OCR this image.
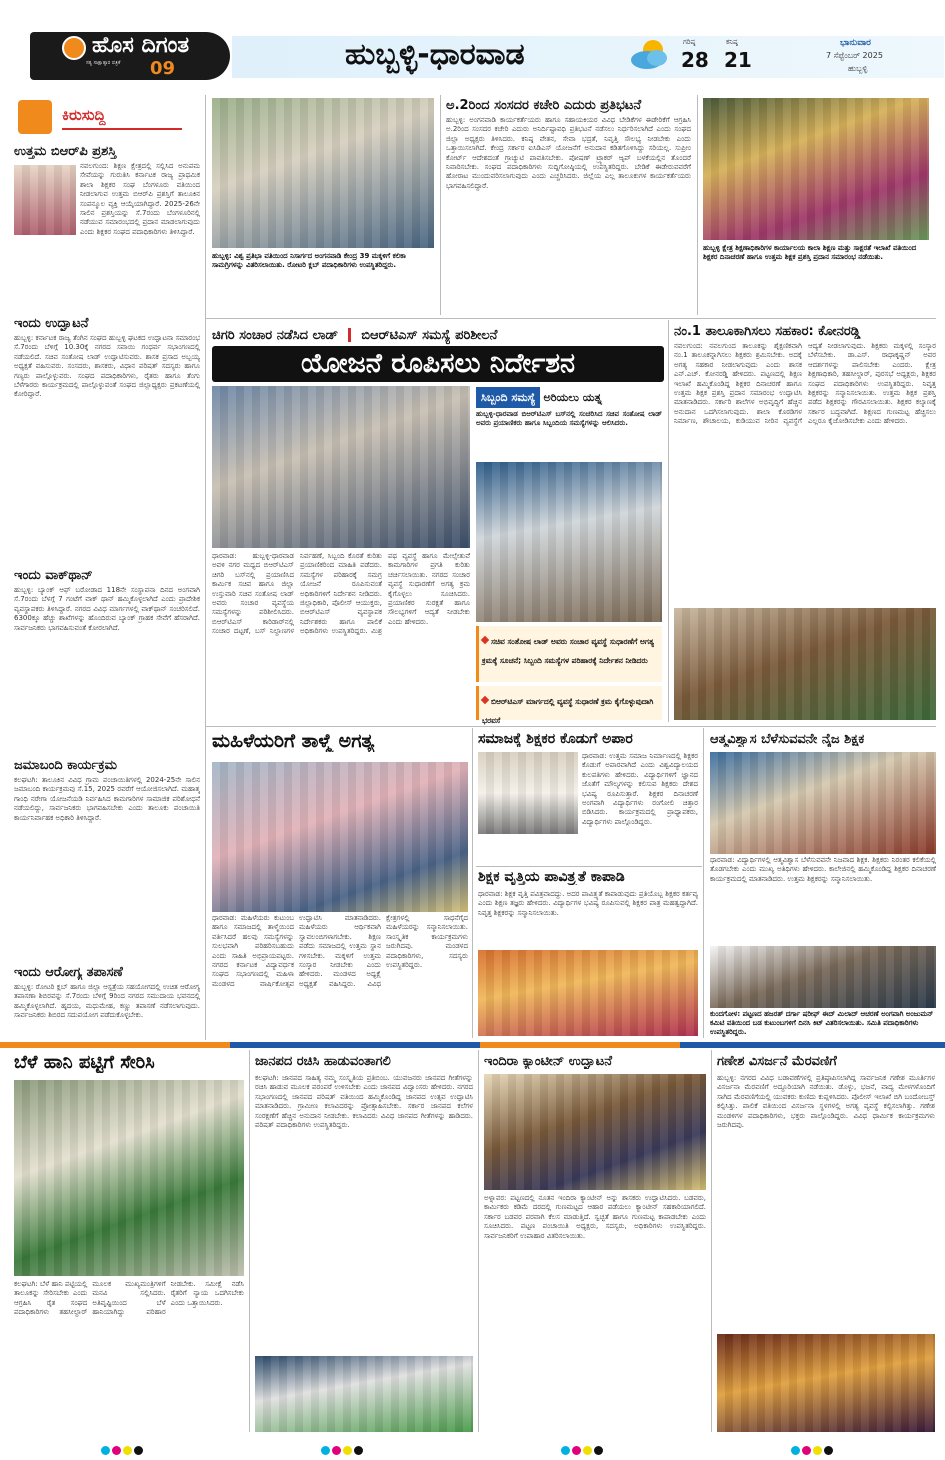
ಹೊಸ ದಿಗಂತ
ಸತ್ಯ ಸಾಕ್ಷಾತ್ಕಾರ ಪತ್ರಿಕೆ	09	ಹುಬ್ಬಳ್ಳಿ-ಧಾರವಾಡ	ಗರಿಷ್ಠ
28
ಕನಿಷ್ಠ
21
ಭಾನುವಾರ
7 ಸೆಪ್ಟೆಂಬರ್ 2025
ಹುಬ್ಬಳ್ಳಿ
ಕಿರುಸುದ್ದಿ
ಉತ್ತಮ ಬಿಆರ್‌ಪಿ ಪ್ರಶಸ್ತಿ
ನವಲಗುಂದ: ಶಿಕ್ಷಣ ಕ್ಷೇತ್ರದಲ್ಲಿ ಸಲ್ಲಿಸಿದ ಅನುಪಮ ಸೇವೆಯನ್ನು ಗುರುತಿಸಿ ಕರ್ನಾಟಕ ರಾಜ್ಯ ಪ್ರಾಥಮಿಕ ಶಾಲಾ ಶಿಕ್ಷಕರ ಸಂಘ ಬೆಂಗಳೂರು ವತಿಯಿಂದ ನೀಡಲಾಗುವ ಉತ್ತಮ ಬಿಆರ್‌ಪಿ ಪ್ರಶಸ್ತಿಗೆ ತಾಲೂಕಿನ ಸಂಪನ್ಮೂಲ ವ್ಯಕ್ತಿ ಆಯ್ಕೆಯಾಗಿದ್ದಾರೆ. 2025-26ನೇ ಸಾಲಿನ ಪ್ರಶಸ್ತಿಯನ್ನು ಸೆ.7ರಂದು ಬೆಂಗಳೂರಿನಲ್ಲಿ ನಡೆಯುವ ಸಮಾರಂಭದಲ್ಲಿ ಪ್ರದಾನ ಮಾಡಲಾಗುವುದು ಎಂದು ಶಿಕ್ಷಕರ ಸಂಘದ ಪದಾಧಿಕಾರಿಗಳು ತಿಳಿಸಿದ್ದಾರೆ.
ಇಂದು ಉದ್ಘಾಟನೆ
ಹುಬ್ಬಳ್ಳಿ: ಕರ್ನಾಟಕ ರಾಜ್ಯ ತೆಂಗಿನ ಸಂಘದ ಹುಬ್ಬಳ್ಳಿ ಘಟಕದ ಉದ್ಘಾಟನಾ ಸಮಾರಂಭ ಸೆ.7ರಂದು ಬೆಳಿಗ್ಗೆ 10.30ಕ್ಕೆ ನಗರದ ಸವಾಯಿ ಗಂಧರ್ವ ಸಭಾಂಗಣದಲ್ಲಿ ನಡೆಯಲಿದೆ. ಸಚಿವ ಸಂತೋಷ ಲಾಡ್ ಉದ್ಘಾಟಿಸುವರು. ಶಾಸಕ ಪ್ರಸಾದ ಅಬ್ಬಯ್ಯ ಅಧ್ಯಕ್ಷತೆ ವಹಿಸುವರು. ಸಂಸದರು, ಶಾಸಕರು, ವಿಧಾನ ಪರಿಷತ್ ಸದಸ್ಯರು ಹಾಗೂ ಗಣ್ಯರು ಪಾಲ್ಗೊಳ್ಳುವರು. ಸಂಘದ ಪದಾಧಿಕಾರಿಗಳು, ರೈತರು ಹಾಗೂ ತೆಂಗು ಬೆಳೆಗಾರರು ಕಾರ್ಯಕ್ರಮದಲ್ಲಿ ಪಾಲ್ಗೊಳ್ಳುವಂತೆ ಸಂಘದ ಜಿಲ್ಲಾಧ್ಯಕ್ಷರು ಪ್ರಕಟಣೆಯಲ್ಲಿ ಕೋರಿದ್ದಾರೆ.
ಇಂದು ವಾಕ್‌ಥಾನ್
ಹುಬ್ಬಳ್ಳಿ: ಬ್ಯಾಂಕ್ ಆಫ್ ಬರೋಡಾದ 118ನೇ ಸಂಸ್ಥಾಪನಾ ದಿನದ ಅಂಗವಾಗಿ ಸೆ.7ರಂದು ಬೆಳಗ್ಗೆ 7 ಗಂಟೆಗೆ ವಾಕ್ ಥಾನ್ ಹಮ್ಮಿಕೊಳ್ಳಲಾಗಿದೆ ಎಂದು ಪ್ರಾದೇಶಿಕ ವ್ಯವಸ್ಥಾಪಕರು ತಿಳಿಸಿದ್ದಾರೆ. ನಗರದ ವಿವಿಧ ಮಾರ್ಗಗಳಲ್ಲಿ ವಾಕ್‌ಥಾನ್ ಸಂಚರಿಸಲಿದೆ. 6300ಕ್ಕೂ ಹೆಚ್ಚು ಶಾಖೆಗಳನ್ನು ಹೊಂದಿರುವ ಬ್ಯಾಂಕ್ ಗ್ರಾಹಕ ಸೇವೆಗೆ ಹೆಸರಾಗಿದೆ. ಸಾರ್ವಜನಿಕರು ಭಾಗವಹಿಸುವಂತೆ ಕೋರಲಾಗಿದೆ.
ಜಮಾಬಂದಿ ಕಾರ್ಯಕ್ರಮ
ಕಲಘಟಗಿ: ತಾಲೂಕಿನ ವಿವಿಧ ಗ್ರಾಮ ಪಂಚಾಯಿತಿಗಳಲ್ಲಿ 2024-25ನೇ ಸಾಲಿನ ಜಮಾಬಂದಿ ಕಾರ್ಯಕ್ರಮವು ಸೆ.15, 2025 ರವರೆಗೆ ಆಯೋಜಿಸಲಾಗಿದೆ. ಮಹಾತ್ಮ ಗಾಂಧಿ ನರೇಗಾ ಯೋಜನೆಯಡಿ ನಿರ್ವಹಿಸಿದ ಕಾಮಗಾರಿಗಳ ಸಾಮಾಜಿಕ ಪರಿಶೋಧನೆ ನಡೆಯಲಿದ್ದು, ಸಾರ್ವಜನಿಕರು ಭಾಗವಹಿಸಬೇಕು ಎಂದು ತಾಲೂಕು ಪಂಚಾಯಿತಿ ಕಾರ್ಯನಿರ್ವಾಹಕ ಅಧಿಕಾರಿ ತಿಳಿಸಿದ್ದಾರೆ.
ಇಂದು ಆರೋಗ್ಯ ತಪಾಸಣೆ
ಹುಬ್ಬಳ್ಳಿ: ರೋಟರಿ ಕ್ಲಬ್ ಹಾಗೂ ಜಿಲ್ಲಾ ಆಸ್ಪತ್ರೆಯ ಸಹಯೋಗದಲ್ಲಿ ಉಚಿತ ಆರೋಗ್ಯ ತಪಾಸಣಾ ಶಿಬಿರವನ್ನು ಸೆ.7ರಂದು ಬೆಳಿಗ್ಗೆ 9ರಿಂದ ನಗರದ ಸಮುದಾಯ ಭವನದಲ್ಲಿ ಹಮ್ಮಿಕೊಳ್ಳಲಾಗಿದೆ. ಹೃದಯ, ಮಧುಮೇಹ, ಕಣ್ಣು ತಪಾಸಣೆ ನಡೆಸಲಾಗುವುದು. ಸಾರ್ವಜನಿಕರು ಶಿಬಿರದ ಸದುಪಯೋಗ ಪಡೆದುಕೊಳ್ಳಬೇಕು.
ಹುಬ್ಬಳ್ಳಿ: ವಿಶ್ವ ಪ್ರತಿಭಾ ವತಿಯಿಂದ ನಿಸಾರ್ಗದ ಅಂಗನವಾಡಿ ಕೇಂದ್ರ 39 ಮಕ್ಕಳಿಗೆ ಕಲಿಕಾ ಸಾಮಗ್ರಿಗಳನ್ನು ವಿತರಿಸಲಾಯಿತು. ರೋಟರಿ ಕ್ಲಬ್ ಪದಾಧಿಕಾರಿಗಳು ಉಪಸ್ಥಿತರಿದ್ದರು.
ಅ.2ರಿಂದ ಸಂಸದರ ಕಚೇರಿ ಎದುರು ಪ್ರತಿಭಟನೆ
ಹುಬ್ಬಳ್ಳಿ: ಅಂಗನವಾಡಿ ಕಾರ್ಯಕರ್ತೆಯರು ಹಾಗೂ ಸಹಾಯಕಿಯರ ವಿವಿಧ ಬೇಡಿಕೆಗಳ ಈಡೇರಿಕೆಗೆ ಆಗ್ರಹಿಸಿ ಅ.2ರಿಂದ ಸಂಸದರ ಕಚೇರಿ ಎದುರು ಅನಿರ್ದಿಷ್ಟಾವಧಿ ಪ್ರತಿಭಟನೆ ನಡೆಸಲು ನಿರ್ಧರಿಸಲಾಗಿದೆ ಎಂದು ಸಂಘದ ಜಿಲ್ಲಾ ಅಧ್ಯಕ್ಷರು ತಿಳಿಸಿದರು. ಕನಿಷ್ಠ ವೇತನ, ಸೇವಾ ಭದ್ರತೆ, ನಿವೃತ್ತಿ ಸೌಲಭ್ಯ ನೀಡಬೇಕು ಎಂದು ಒತ್ತಾಯಿಸಲಾಗಿದೆ. ಕೇಂದ್ರ ಸರ್ಕಾರ ಐಸಿಡಿಎಸ್ ಯೋಜನೆಗೆ ಅನುದಾನ ಕಡಿತಗೊಳಿಸಿದ್ದು ಸರಿಯಲ್ಲ. ಸುಪ್ರೀಂ ಕೋರ್ಟ್ ಆದೇಶದಂತೆ ಗ್ರಾಚ್ಯುಟಿ ಪಾವತಿಸಬೇಕು. ಪೋಷಣ್ ಟ್ರ್ಯಾಕರ್ ಆ್ಯಪ್ ಬಳಕೆಯಲ್ಲಿನ ತೊಂದರೆ ನಿವಾರಿಸಬೇಕು. ಸಂಘದ ಪದಾಧಿಕಾರಿಗಳು ಸುದ್ದಿಗೋಷ್ಠಿಯಲ್ಲಿ ಉಪಸ್ಥಿತರಿದ್ದರು. ಬೇಡಿಕೆ ಈಡೇರುವವರೆಗೆ ಹೋರಾಟ ಮುಂದುವರಿಸಲಾಗುವುದು ಎಂದು ಎಚ್ಚರಿಸಿದರು. ಜಿಲ್ಲೆಯ ಎಲ್ಲ ತಾಲೂಕುಗಳ ಕಾರ್ಯಕರ್ತೆಯರು ಭಾಗವಹಿಸಲಿದ್ದಾರೆ.
ಹುಬ್ಬಳ್ಳಿ ಕ್ಷೇತ್ರ ಶಿಕ್ಷಣಾಧಿಕಾರಿಗಳ ಕಾರ್ಯಾಲಯ ಕಾಲಾ ಶಿಕ್ಷಣ ಮತ್ತು ಸಾಕ್ಷರತೆ ಇಲಾಖೆ ವತಿಯಿಂದ ಶಿಕ್ಷಕರ ದಿನಾಚರಣೆ ಹಾಗೂ ಉತ್ತಮ ಶಿಕ್ಷಕ ಪ್ರಶಸ್ತಿ ಪ್ರದಾನ ಸಮಾರಂಭ ನಡೆಯಿತು.
ಚಿಗರಿ ಸಂಚಾರ ನಡೆಸಿದ ಲಾಡ್ ಬಿಆರ್‌ಟಿಎಸ್ ಸಮಸ್ಯೆ ಪರಿಶೀಲನೆ
ಯೋಜನೆ ರೂಪಿಸಲು ನಿರ್ದೇಶನ
ಸಿಬ್ಬಂದಿ ಸಮಸ್ಯೆ ಅರಿಯಲು ಯತ್ನ
ಹುಬ್ಬಳ್ಳಿ-ಧಾರವಾಡ ಬಿಆರ್‌ಟಿಎಸ್ ಬಸ್‌ನಲ್ಲಿ ಸಂಚರಿಸಿದ ಸಚಿವ ಸಂತೋಷ ಲಾಡ್ ಅವರು ಪ್ರಯಾಣಿಕರು ಹಾಗೂ ಸಿಬ್ಬಂದಿಯ ಸಮಸ್ಯೆಗಳನ್ನು ಆಲಿಸಿದರು.
ಧಾರವಾಡ: ಹುಬ್ಬಳ್ಳಿ-ಧಾರವಾಡ ಅವಳಿ ನಗರ ಮಧ್ಯದ ಬಿಆರ್‌ಟಿಎಸ್ ಚಿಗರಿ ಬಸ್‌ನಲ್ಲಿ ಪ್ರಯಾಣಿಸಿದ ಕಾರ್ಮಿಕ ಸಚಿವ ಹಾಗೂ ಜಿಲ್ಲಾ ಉಸ್ತುವಾರಿ ಸಚಿವ ಸಂತೋಷ ಲಾಡ್ ಅವರು ಸಂಚಾರ ವ್ಯವಸ್ಥೆಯ ಸಮಸ್ಯೆಗಳನ್ನು ಪರಿಶೀಲಿಸಿದರು. ಬಿಆರ್‌ಟಿಎಸ್ ಕಾರಿಡಾರ್‌ನಲ್ಲಿ ಸಂಚಾರ ದಟ್ಟಣೆ, ಬಸ್ ನಿಲ್ದಾಣಗಳ ನಿರ್ವಹಣೆ, ಸಿಬ್ಬಂದಿ ಕೊರತೆ ಕುರಿತು ಪ್ರಯಾಣಿಕರಿಂದ ಮಾಹಿತಿ ಪಡೆದರು. ಸಮಸ್ಯೆಗಳ ಪರಿಹಾರಕ್ಕೆ ಸಮಗ್ರ ಯೋಜನೆ ರೂಪಿಸುವಂತೆ ಅಧಿಕಾರಿಗಳಿಗೆ ನಿರ್ದೇಶನ ನೀಡಿದರು. ಜಿಲ್ಲಾಧಿಕಾರಿ, ಪೊಲೀಸ್ ಆಯುಕ್ತರು, ಬಿಆರ್‌ಟಿಎಸ್ ವ್ಯವಸ್ಥಾಪಕ ನಿರ್ದೇಶಕರು ಹಾಗೂ ಪಾಲಿಕೆ ಅಧಿಕಾರಿಗಳು ಉಪಸ್ಥಿತರಿದ್ದರು. ಮಿಶ್ರ ಪಥ ವ್ಯವಸ್ಥೆ ಹಾಗೂ ಮೇಲ್ಸೇತುವೆ ಕಾಮಗಾರಿಗಳ ಪ್ರಗತಿ ಕುರಿತು ಚರ್ಚಿಸಲಾಯಿತು. ನಗರದ ಸಂಚಾರ ವ್ಯವಸ್ಥೆ ಸುಧಾರಣೆಗೆ ಅಗತ್ಯ ಕ್ರಮ ಕೈಗೊಳ್ಳಲು ಸೂಚಿಸಿದರು. ಪ್ರಯಾಣಿಕರ ಸುರಕ್ಷತೆ ಹಾಗೂ ಸೌಲಭ್ಯಗಳಿಗೆ ಆದ್ಯತೆ ನೀಡಬೇಕು ಎಂದು ಹೇಳಿದರು.
ಸಚಿವ ಸಂತೋಷ ಲಾಡ್ ಅವರು ಸಂಚಾರ ವ್ಯವಸ್ಥೆ ಸುಧಾರಣೆಗೆ ಅಗತ್ಯ ಕ್ರಮಕ್ಕೆ ಸೂಚನೆ; ಸಿಬ್ಬಂದಿ ಸಮಸ್ಯೆಗಳ ಪರಿಹಾರಕ್ಕೆ ನಿರ್ದೇಶನ ನೀಡಿದರು
ಬಿಆರ್‌ಟಿಎಸ್ ಮಾರ್ಗದಲ್ಲಿ ವ್ಯವಸ್ಥೆ ಸುಧಾರಣೆ ಕ್ರಮ ಕೈಗೊಳ್ಳುವುದಾಗಿ ಭರವಸೆ
ನಂ.1 ತಾಲೂಕಾಗಿಸಲು ಸಹಕಾರ: ಕೋನರಡ್ಡಿ
ನವಲಗುಂದ: ನವಲಗುಂದ ತಾಲೂಕನ್ನು ಶೈಕ್ಷಣಿಕವಾಗಿ ನಂ.1 ತಾಲೂಕನ್ನಾಗಿಸಲು ಶಿಕ್ಷಕರು ಶ್ರಮಿಸಬೇಕು. ಅದಕ್ಕೆ ಅಗತ್ಯ ಸಹಕಾರ ನೀಡಲಾಗುವುದು ಎಂದು ಶಾಸಕ ಎನ್.ಎಚ್. ಕೋನರಡ್ಡಿ ಹೇಳಿದರು. ಪಟ್ಟಣದಲ್ಲಿ ಶಿಕ್ಷಣ ಇಲಾಖೆ ಹಮ್ಮಿಕೊಂಡಿದ್ದ ಶಿಕ್ಷಕರ ದಿನಾಚರಣೆ ಹಾಗೂ ಉತ್ತಮ ಶಿಕ್ಷಕ ಪ್ರಶಸ್ತಿ ಪ್ರದಾನ ಸಮಾರಂಭ ಉದ್ಘಾಟಿಸಿ ಮಾತನಾಡಿದರು. ಸರ್ಕಾರಿ ಶಾಲೆಗಳ ಅಭಿವೃದ್ಧಿಗೆ ಹೆಚ್ಚಿನ ಅನುದಾನ ಒದಗಿಸಲಾಗುವುದು. ಶಾಲಾ ಕೊಠಡಿಗಳ ನಿರ್ಮಾಣ, ಶೌಚಾಲಯ, ಕುಡಿಯುವ ನೀರಿನ ವ್ಯವಸ್ಥೆಗೆ ಆದ್ಯತೆ ನೀಡಲಾಗುವುದು. ಶಿಕ್ಷಕರು ಮಕ್ಕಳಲ್ಲಿ ಸಂಸ್ಕಾರ ಬೆಳೆಸಬೇಕು. ಡಾ.ಎಸ್. ರಾಧಾಕೃಷ್ಣನ್ ಅವರ ಆದರ್ಶಗಳನ್ನು ಪಾಲಿಸಬೇಕು ಎಂದರು. ಕ್ಷೇತ್ರ ಶಿಕ್ಷಣಾಧಿಕಾರಿ, ತಹಸೀಲ್ದಾರ್, ಪುರಸಭೆ ಅಧ್ಯಕ್ಷರು, ಶಿಕ್ಷಕರ ಸಂಘದ ಪದಾಧಿಕಾರಿಗಳು ಉಪಸ್ಥಿತರಿದ್ದರು. ನಿವೃತ್ತ ಶಿಕ್ಷಕರನ್ನು ಸನ್ಮಾನಿಸಲಾಯಿತು. ಉತ್ತಮ ಶಿಕ್ಷಕ ಪ್ರಶಸ್ತಿ ಪಡೆದ ಶಿಕ್ಷಕರನ್ನು ಗೌರವಿಸಲಾಯಿತು. ಶಿಕ್ಷಕರ ಕಲ್ಯಾಣಕ್ಕೆ ಸರ್ಕಾರ ಬದ್ಧವಾಗಿದೆ. ಶಿಕ್ಷಣದ ಗುಣಮಟ್ಟ ಹೆಚ್ಚಿಸಲು ಎಲ್ಲರೂ ಕೈಜೋಡಿಸಬೇಕು ಎಂದು ಹೇಳಿದರು.
ಮಹಿಳೆಯರಿಗೆ ತಾಳ್ಮೆ ಅಗತ್ಯ
ಧಾರವಾಡ: ಮಹಿಳೆಯರು ಕುಟುಂಬ ಹಾಗೂ ಸಮಾಜದಲ್ಲಿ ತಾಳ್ಮೆಯಿಂದ ವರ್ತಿಸಿದರೆ ಹಲವು ಸಮಸ್ಯೆಗಳನ್ನು ಸುಲಭವಾಗಿ ಪರಿಹರಿಸಬಹುದು ಎಂದು ಸಾಹಿತಿ ಅಭಿಪ್ರಾಯಪಟ್ಟರು. ನಗರದ ಕರ್ನಾಟಕ ವಿದ್ಯಾವರ್ಧಕ ಸಂಘದ ಸಭಾಂಗಣದಲ್ಲಿ ಮಹಿಳಾ ಮಂಡಳದ ವಾರ್ಷಿಕೋತ್ಸವ ಉದ್ಘಾಟಿಸಿ ಮಾತನಾಡಿದರು. ಮಹಿಳೆಯರು ಆರ್ಥಿಕವಾಗಿ ಸ್ವಾವಲಂಬಿಗಳಾಗಬೇಕು. ಶಿಕ್ಷಣ ಪಡೆದು ಸಮಾಜದಲ್ಲಿ ಉತ್ತಮ ಸ್ಥಾನ ಗಳಿಸಬೇಕು. ಮಕ್ಕಳಿಗೆ ಉತ್ತಮ ಸಂಸ್ಕಾರ ನೀಡಬೇಕು ಎಂದು ಹೇಳಿದರು. ಮಂಡಳದ ಅಧ್ಯಕ್ಷೆ ಅಧ್ಯಕ್ಷತೆ ವಹಿಸಿದ್ದರು. ವಿವಿಧ ಕ್ಷೇತ್ರಗಳಲ್ಲಿ ಸಾಧನೆಗೈದ ಮಹಿಳೆಯರನ್ನು ಸನ್ಮಾನಿಸಲಾಯಿತು. ಸಾಂಸ್ಕೃತಿಕ ಕಾರ್ಯಕ್ರಮಗಳು ಜರುಗಿದವು. ಮಂಡಳದ ಪದಾಧಿಕಾರಿಗಳು, ಸದಸ್ಯರು ಉಪಸ್ಥಿತರಿದ್ದರು.
ಸಮಾಜಕ್ಕೆ ಶಿಕ್ಷಕರ ಕೊಡುಗೆ ಅಪಾರ
ಧಾರವಾಡ: ಉತ್ತಮ ಸಮಾಜ ನಿರ್ಮಾಣದಲ್ಲಿ ಶಿಕ್ಷಕರ ಕೊಡುಗೆ ಅಪಾರವಾಗಿದೆ ಎಂದು ವಿಶ್ವವಿದ್ಯಾಲಯದ ಕುಲಪತಿಗಳು ಹೇಳಿದರು. ವಿದ್ಯಾರ್ಥಿಗಳಿಗೆ ಜ್ಞಾನದ ಜೊತೆಗೆ ಮೌಲ್ಯಗಳನ್ನು ಕಲಿಸುವ ಶಿಕ್ಷಕರು ದೇಶದ ಭವಿಷ್ಯ ರೂಪಿಸುತ್ತಾರೆ. ಶಿಕ್ಷಕರ ದಿನಾಚರಣೆ ಅಂಗವಾಗಿ ವಿದ್ಯಾರ್ಥಿಗಳು ರಂಗೋಲಿ ಚಿತ್ತಾರ ಬಿಡಿಸಿದರು. ಕಾರ್ಯಕ್ರಮದಲ್ಲಿ ಪ್ರಾಧ್ಯಾಪಕರು, ವಿದ್ಯಾರ್ಥಿಗಳು ಪಾಲ್ಗೊಂಡಿದ್ದರು.
ಶಿಕ್ಷಕ ವೃತ್ತಿಯ ಪಾವಿತ್ರ್ಯತೆ ಕಾಪಾಡಿ
ಧಾರವಾಡ: ಶಿಕ್ಷಕ ವೃತ್ತಿ ಪವಿತ್ರವಾದದ್ದು. ಅದರ ಪಾವಿತ್ರ್ಯತೆ ಕಾಪಾಡುವುದು ಪ್ರತಿಯೊಬ್ಬ ಶಿಕ್ಷಕರ ಕರ್ತವ್ಯ ಎಂದು ಶಿಕ್ಷಣ ತಜ್ಞರು ಹೇಳಿದರು. ವಿದ್ಯಾರ್ಥಿಗಳ ಭವಿಷ್ಯ ರೂಪಿಸುವಲ್ಲಿ ಶಿಕ್ಷಕರ ಪಾತ್ರ ಮಹತ್ವದ್ದಾಗಿದೆ. ನಿವೃತ್ತ ಶಿಕ್ಷಕರನ್ನು ಸನ್ಮಾನಿಸಲಾಯಿತು.
ಆತ್ಮವಿಶ್ವಾಸ ಬೆಳೆಸುವವನೇ ನೈಜ ಶಿಕ್ಷಕ
ಧಾರವಾಡ: ವಿದ್ಯಾರ್ಥಿಗಳಲ್ಲಿ ಆತ್ಮವಿಶ್ವಾಸ ಬೆಳೆಸುವವನೇ ನಿಜವಾದ ಶಿಕ್ಷಕ. ಶಿಕ್ಷಕರು ನಿರಂತರ ಕಲಿಕೆಯಲ್ಲಿ ತೊಡಗಬೇಕು ಎಂದು ಮುಖ್ಯ ಅತಿಥಿಗಳು ಹೇಳಿದರು. ಕಾಲೇಜಿನಲ್ಲಿ ಹಮ್ಮಿಕೊಂಡಿದ್ದ ಶಿಕ್ಷಕರ ದಿನಾಚರಣೆ ಕಾರ್ಯಕ್ರಮದಲ್ಲಿ ಮಾತನಾಡಿದರು. ಉತ್ತಮ ಶಿಕ್ಷಕರನ್ನು ಸನ್ಮಾನಿಸಲಾಯಿತು.
ಕುಂದಗೋಳ: ಪಟ್ಟಣದ ಹಜರತ್ ದರ್ಗಾ ಷರೀಫ್ ಈದ್ ಮಿಲಾದ್ ಆಚರಣೆ ಅಂಗವಾಗಿ ಅಂಜುಮನ್ ಕಮಿಟಿ ವತಿಯಿಂದ ಬಡ ಕುಟುಂಬಗಳಿಗೆ ದಿನಸಿ ಕಿಟ್ ವಿತರಿಸಲಾಯಿತು. ಸಮಿತಿ ಪದಾಧಿಕಾರಿಗಳು ಉಪಸ್ಥಿತರಿದ್ದರು.
ಬೆಳೆ ಹಾನಿ ಪಟ್ಟಿಗೆ ಸೇರಿಸಿ
ಕಲಘಟಗಿ: ಬೆಳೆ ಹಾನಿ ಪಟ್ಟಿಯಲ್ಲಿ ತಾಲೂಕನ್ನು ಸೇರಿಸಬೇಕು ಎಂದು ಆಗ್ರಹಿಸಿ ರೈತ ಸಂಘದ ಪದಾಧಿಕಾರಿಗಳು ತಹಸೀಲ್ದಾರ್ ಮೂಲಕ ಮುಖ್ಯಮಂತ್ರಿಗಳಿಗೆ ಮನವಿ ಸಲ್ಲಿಸಿದರು. ಅತಿವೃಷ್ಟಿಯಿಂದ ಬೆಳೆ ಹಾನಿಯಾಗಿದ್ದು ಪರಿಹಾರ ನೀಡಬೇಕು. ಸಮೀಕ್ಷೆ ನಡೆಸಿ ರೈತರಿಗೆ ನ್ಯಾಯ ಒದಗಿಸಬೇಕು ಎಂದು ಒತ್ತಾಯಿಸಿದರು.
ಜಾನಪದ ರಚಿಸಿ ಹಾಡುವಂತಾಗಲಿ
ಕಲಘಟಗಿ: ಜಾನಪದ ಸಾಹಿತ್ಯ ನಮ್ಮ ಸಂಸ್ಕೃತಿಯ ಪ್ರತಿಬಿಂಬ. ಯುವಜನರು ಜಾನಪದ ಗೀತೆಗಳನ್ನು ರಚಿಸಿ ಹಾಡುವ ಮೂಲಕ ಪರಂಪರೆ ಉಳಿಸಬೇಕು ಎಂದು ಜಾನಪದ ವಿದ್ವಾಂಸರು ಹೇಳಿದರು. ನಗರದ ಸಭಾಂಗಣದಲ್ಲಿ ಜಾನಪದ ಪರಿಷತ್ ವತಿಯಿಂದ ಹಮ್ಮಿಕೊಂಡಿದ್ದ ಜಾನಪದ ಉತ್ಸವ ಉದ್ಘಾಟಿಸಿ ಮಾತನಾಡಿದರು. ಗ್ರಾಮೀಣ ಕಲಾವಿದರನ್ನು ಪ್ರೋತ್ಸಾಹಿಸಬೇಕು. ಸರ್ಕಾರ ಜಾನಪದ ಕಲೆಗಳ ಸಂರಕ್ಷಣೆಗೆ ಹೆಚ್ಚಿನ ಅನುದಾನ ನೀಡಬೇಕು. ಕಲಾವಿದರು ವಿವಿಧ ಜಾನಪದ ಗೀತೆಗಳನ್ನು ಹಾಡಿದರು. ಪರಿಷತ್ ಪದಾಧಿಕಾರಿಗಳು ಉಪಸ್ಥಿತರಿದ್ದರು.
ಇಂದಿರಾ ಕ್ಯಾಂಟೀನ್ ಉದ್ಘಾಟನೆ
ಅಳ್ನಾವರ: ಪಟ್ಟಣದಲ್ಲಿ ನೂತನ ಇಂದಿರಾ ಕ್ಯಾಂಟೀನ್ ಅನ್ನು ಶಾಸಕರು ಉದ್ಘಾಟಿಸಿದರು. ಬಡವರು, ಕಾರ್ಮಿಕರು ಕಡಿಮೆ ದರದಲ್ಲಿ ಗುಣಮಟ್ಟದ ಆಹಾರ ಪಡೆಯಲು ಕ್ಯಾಂಟೀನ್ ಸಹಕಾರಿಯಾಗಲಿದೆ. ಸರ್ಕಾರ ಬಡವರ ಪರವಾಗಿ ಕೆಲಸ ಮಾಡುತ್ತಿದೆ. ಸ್ವಚ್ಛತೆ ಹಾಗೂ ಗುಣಮಟ್ಟ ಕಾಪಾಡಬೇಕು ಎಂದು ಸೂಚಿಸಿದರು. ಪಟ್ಟಣ ಪಂಚಾಯಿತಿ ಅಧ್ಯಕ್ಷರು, ಸದಸ್ಯರು, ಅಧಿಕಾರಿಗಳು ಉಪಸ್ಥಿತರಿದ್ದರು. ಸಾರ್ವಜನಿಕರಿಗೆ ಉಪಾಹಾರ ವಿತರಿಸಲಾಯಿತು.
ಗಣೇಶ ವಿಸರ್ಜನೆ ಮೆರವಣಿಗೆ
ಹುಬ್ಬಳ್ಳಿ: ನಗರದ ವಿವಿಧ ಬಡಾವಣೆಗಳಲ್ಲಿ ಪ್ರತಿಷ್ಠಾಪಿಸಲಾಗಿದ್ದ ಸಾರ್ವಜನಿಕ ಗಣೇಶ ಮೂರ್ತಿಗಳ ವಿಸರ್ಜನಾ ಮೆರವಣಿಗೆ ಅದ್ದೂರಿಯಾಗಿ ನಡೆಯಿತು. ಡೊಳ್ಳು, ಭಜನೆ, ವಾದ್ಯ ಮೇಳಗಳೊಂದಿಗೆ ಸಾಗಿದ ಮೆರವಣಿಗೆಯಲ್ಲಿ ಯುವಕರು ಕುಣಿದು ಕುಪ್ಪಳಿಸಿದರು. ಪೊಲೀಸ್ ಇಲಾಖೆ ಬಿಗಿ ಬಂದೋಬಸ್ತ್ ಕಲ್ಪಿಸಿತ್ತು. ಪಾಲಿಕೆ ವತಿಯಿಂದ ವಿಸರ್ಜನಾ ಸ್ಥಳಗಳಲ್ಲಿ ಅಗತ್ಯ ವ್ಯವಸ್ಥೆ ಕಲ್ಪಿಸಲಾಗಿತ್ತು. ಗಣೇಶ ಮಂಡಳಿಗಳ ಪದಾಧಿಕಾರಿಗಳು, ಭಕ್ತರು ಪಾಲ್ಗೊಂಡಿದ್ದರು. ವಿವಿಧ ಧಾರ್ಮಿಕ ಕಾರ್ಯಕ್ರಮಗಳು ಜರುಗಿದವು.
